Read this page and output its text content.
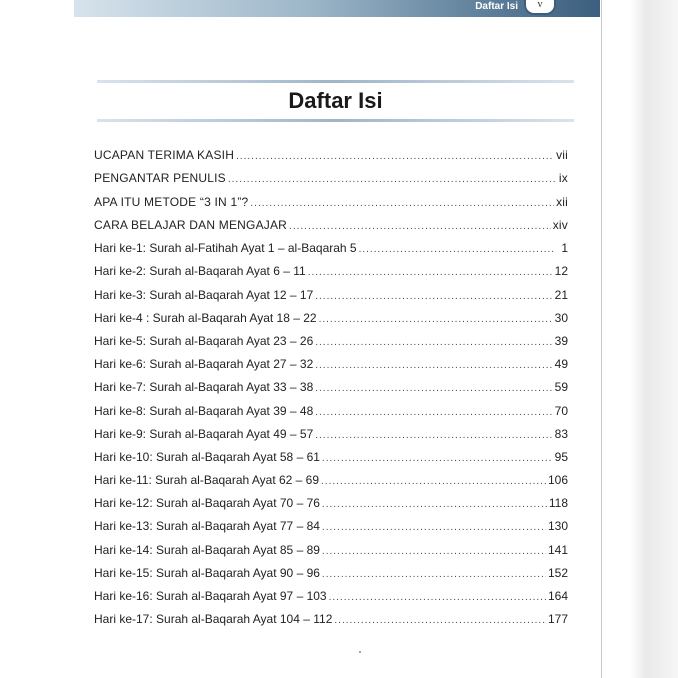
Daftar Isi	v
Daftar Isi
UCAPAN TERIMA KASIH .....	vii
PENGANTAR PENULIS .....	ix
APA ITU METODE “3 IN 1”? .....	xii
CARA BELAJAR DAN MENGAJAR .....	xiv
Hari ke-1: Surah al-Fatihah Ayat 1 – al-Baqarah 5 .....	1
Hari ke-2: Surah al-Baqarah Ayat 6 – 11 .....	12
Hari ke-3: Surah al-Baqarah Ayat 12 – 17 .....	21
Hari ke-4 : Surah al-Baqarah Ayat 18 – 22 .....	30
Hari ke-5: Surah al-Baqarah Ayat 23 – 26 .....	39
Hari ke-6: Surah al-Baqarah Ayat 27 – 32 .....	49
Hari ke-7: Surah al-Baqarah Ayat 33 – 38 .....	59
Hari ke-8: Surah al-Baqarah Ayat 39 – 48 .....	70
Hari ke-9: Surah al-Baqarah Ayat 49 – 57 .....	83
Hari ke-10: Surah al-Baqarah Ayat 58 – 61 .....	95
Hari ke-11: Surah al-Baqarah Ayat 62 – 69 .....	106
Hari ke-12: Surah al-Baqarah Ayat 70 – 76 .....	118
Hari ke-13: Surah al-Baqarah Ayat 77 – 84 .....	130
Hari ke-14: Surah al-Baqarah Ayat 85 – 89 .....	141
Hari ke-15: Surah al-Baqarah Ayat 90 – 96 .....	152
Hari ke-16: Surah al-Baqarah Ayat 97 – 103 .....	164
Hari ke-17: Surah al-Baqarah Ayat 104 – 112 .....	177
